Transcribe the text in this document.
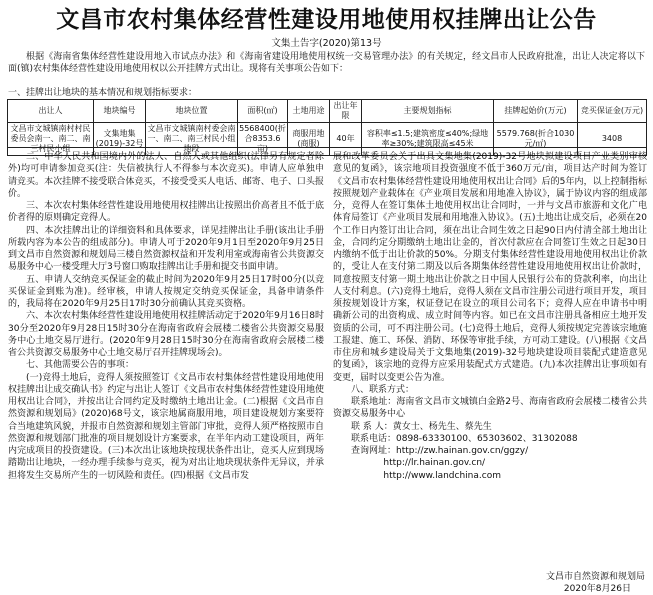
文昌市农村集体经营性建设用地使用权挂牌出让公告
文集土告字(2020)第13号
根据《海南省集体经营性建设用地入市试点办法》和《海南省建设用地使用权统一交易管理办法》的有关规定，经文昌市人民政府批准，出让人决定将以下面(镇)农村集体经营性建设用地使用权以公开挂牌方式出让。现将有关事项公告如下：
一、挂牌出让地块的基本情况和规划指标要求：
出让人	地块编号	地块位置	面积(㎡)	土地用途	出让年限	主要规划指标	挂牌起始价(万元)	竞买保证金(万元)
文昌市文城镇南村村民委员会南一、南二、南三村民小组	文集地集(2019)-32号	文昌市文城镇南村委会南一、南二、南三村民小组地段	5568400(折合8353.6亩)	商服用地(商服)	40年	容积率≤1.5;建筑密度≤40%;绿地率≥30%;建筑限高≤45米	5579.768(折合1030元/㎡)	3408

二、中华人民共和国境内外的法人、自然人或其他组织(法律另有规定者除外)均可申请参加竞买(注：失信被执行人不得参与本次竞买)。申请人应单独申请竞买。本次挂牌不接受联合体竞买，不接受受买人电话、邮寄、电子、口头报价。

三、本次农村集体经营性建设用地使用权挂牌出让按照出价高者且不低于底价者得的原则确定竞得人。

四、本次挂牌出让的详细资料和具体要求，详见挂牌出让手册(该出让手册所载内容为本公告的组成部分)。申请人可于2020年9月1日至2020年9月25日到文昌市自然资源和规划局三楼自然资源权益和开发利用室或海南省公共资源交易服务中心一楼受理大厅3号窗口购取挂牌出让手册和提交书面申请。

五、申请人交纳竞买保证金的截止时间为2020年9月25日17时00分(以竞买保证金到账为准)。经审核，申请人按规定交纳竞买保证金，具备申请条件的，我局将在2020年9月25日17时30分前确认其竞买资格。

六、本次农村集体经营性建设用地使用权挂牌活动定于2020年9月16日8时30分至2020年9月28日15时30分在海南省政府会展楼二楼省公共资源交易服务中心土地交易厅进行。(2020年9月28日15时30分在海南省政府会展楼二楼省公共资源交易服务中心土地交易厅召开挂牌现场会)。

七、其他需要公告的事项：

(一)竞得土地后，竞得人须按照签订《文昌市农村集体经营性建设用地使用权挂牌出让成交确认书》约定与出让人签订《文昌市农村集体经营性建设用地使用权出让合同》，并按出让合同约定及时缴纳土地出让金。(二)根据《文昌市自然资源和规划局》(2020)68号文，该宗地属商服用地，项目建设规划方案要符合当地建筑风貌，并报市自然资源和规划主管部门审批，竞得人须严格按照市自然资源和规划部门批准的项目规划设计方案要求，在半年内动工建设项目，两年内完成项目的投资建设。(三)本次出让该地块按现状条件出让，竞买人应到现场踏勘出让地块，一经办理手续参与竞买，视为对出让地块现状条件无异议，并承担将发生交易所产生的一切风险和责任。(四)根据《文昌市发

展和改革委员会关于出具文集地集(2019)-32号地块拟建设项目产业类别审核意见的复函》，该宗地项目投资强度不低于360万元/亩，项目达产时间为签订《文昌市农村集体经营性建设用地使用权出让合同》后的5年内，以上控制指标按照规划产业载体在《产业项目发展和用地准入协议》，属于协议内容的组成部分，竞得人在签订集体土地使用权出让合同时，一并与文昌市旅游和文化广电体育局签订《产业项目发展和用地准入协议》。(五)土地出让成交后，必须在20个工作日内签订出让合同，须在出让合同生效之日起90日内付清全部土地出让金，合同约定分期缴纳土地出让金的，首次付款应在合同签订生效之日起30日内缴纳不低于出让价款的50%。分期支付集体经营性建设用地使用权出让价款的，受让人在支付第二期及以后各期集体经营性建设用地使用权出让价款时，同意按照支付第一期土地出让价款之日中国人民银行公布的贷款利率，向出让人支付利息。(六)竞得土地后，竞得人须在文昌市注册公司进行项目开发，项目须按规划设计方案，权证登记在设立的项目公司名下；竞得人应在申请书中明确新公司的出资构成、成立时间等内容。如已在文昌市注册具备相应土地开发资质的公司，可不再注册公司。(七)竞得土地后，竞得人须按规定完善该宗地施工报建、施工、环保、消防、环保等审批手续，方可动工建设。(八)根据《文昌市住房和城乡建设局关于文集地集(2019)-32号地块建设项目装配式建造意见的复函》，该宗地的竞得方应采用装配式方式建造。(九)本次挂牌出让事项如有变更，届时以变更公告为准。

八、联系方式：

联系地址：海南省文昌市文城镇白金路2号、海南省政府会展楼二楼省公共资源交易服务中心

联 系 人：黄女士、杨先生、蔡先生

联系电话：0898-63330100、65303602、31302088

查询网址：http://zw.hainan.gov.cn/ggzy/

http://lr.hainan.gov.cn/

http://www.landchina.com

文昌市自然资源和规划局
2020年8月26日
